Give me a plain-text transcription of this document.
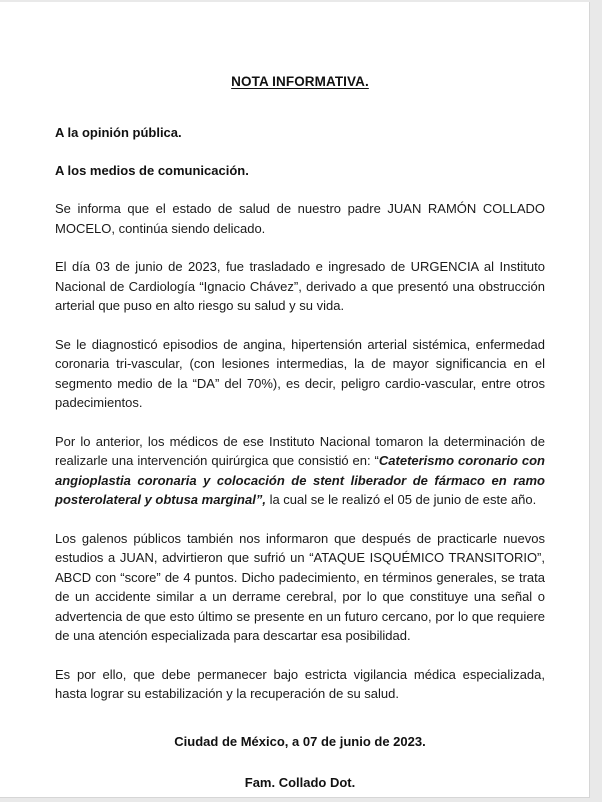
NOTA INFORMATIVA.

A la opinión pública.

A los medios de comunicación.

Se informa que el estado de salud de nuestro padre JUAN RAMÓN COLLADO MOCELO, continúa siendo delicado.

El día 03 de junio de 2023, fue trasladado e ingresado de URGENCIA al Instituto Nacional de Cardiología “Ignacio Chávez”, derivado a que presentó una obstrucción arterial que puso en alto riesgo su salud y su vida.

Se le diagnosticó episodios de angina, hipertensión arterial sistémica, enfermedad coronaria tri-vascular, (con lesiones intermedias, la de mayor significancia en el segmento medio de la “DA” del 70%), es decir, peligro cardio-vascular, entre otros padecimientos.

Por lo anterior, los médicos de ese Instituto Nacional tomaron la determinación de realizarle una intervención quirúrgica que consistió en: “Cateterismo coronario con angioplastia coronaria y colocación de stent liberador de fármaco en ramo posterolateral y obtusa marginal”, la cual se le realizó el 05 de junio de este año.

Los galenos públicos también nos informaron que después de practicarle nuevos estudios a JUAN, advirtieron que sufrió un “ATAQUE ISQUÉMICO TRANSITORIO”, ABCD con “score” de 4 puntos. Dicho padecimiento, en términos generales, se trata de un accidente similar a un derrame cerebral, por lo que constituye una señal o advertencia de que esto último se presente en un futuro cercano, por lo que requiere de una atención especializada para descartar esa posibilidad.

Es por ello, que debe permanecer bajo estricta vigilancia médica especializada, hasta lograr su estabilización y la recuperación de su salud.

Ciudad de México, a 07 de junio de 2023.

Fam. Collado Dot.
